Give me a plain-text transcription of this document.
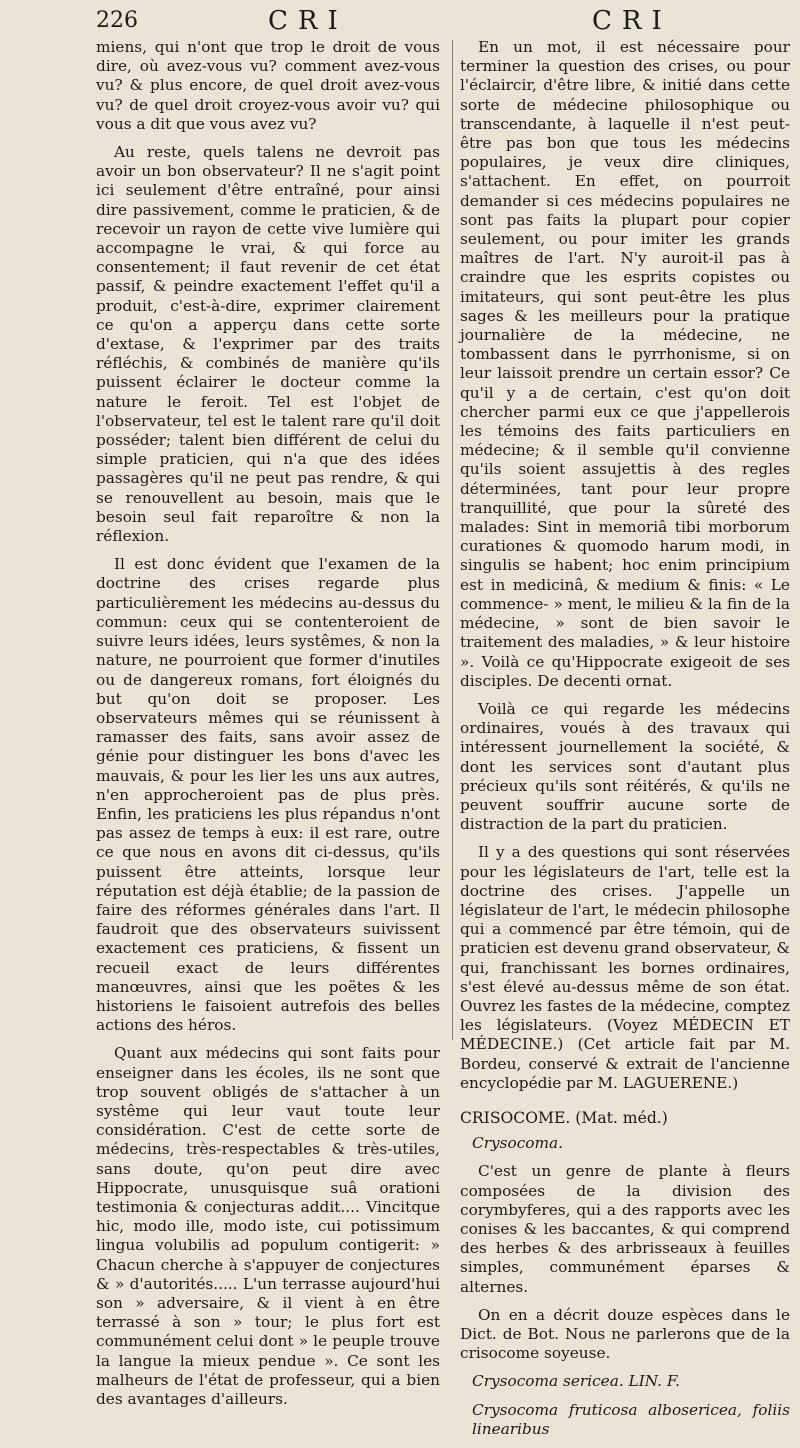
226	CRI	CRI

miens, qui n'ont que trop le droit de vous dire, où avez-vous vu? comment avez-vous vu? & plus encore, de quel droit avez-vous vu? de quel droit croyez-vous avoir vu? qui vous a dit que vous avez vu?

Au reste, quels talens ne devroit pas avoir un bon observateur? Il ne s'agit point ici seulement d'être entraîné, pour ainsi dire passivement, comme le praticien, & de recevoir un rayon de cette vive lumière qui accompagne le vrai, & qui force au consentement; il faut revenir de cet état passif, & peindre exactement l'effet qu'il a produit, c'est-à-dire, exprimer clairement ce qu'on a apperçu dans cette sorte d'extase, & l'exprimer par des traits réfléchis, & combinés de manière qu'ils puissent éclairer le docteur comme la nature le feroit. Tel est l'objet de l'observateur, tel est le talent rare qu'il doit posséder; talent bien différent de celui du simple praticien, qui n'a que des idées passagères qu'il ne peut pas rendre, & qui se renouvellent au besoin, mais que le besoin seul fait reparoître & non la réflexion.

Il est donc évident que l'examen de la doctrine des crises regarde plus particulièrement les médecins au-dessus du commun: ceux qui se contenteroient de suivre leurs idées, leurs systêmes, & non la nature, ne pourroient que former d'inutiles ou de dangereux romans, fort éloignés du but qu'on doit se proposer. Les observateurs mêmes qui se réunissent à ramasser des faits, sans avoir assez de génie pour distinguer les bons d'avec les mauvais, & pour les lier les uns aux autres, n'en approcheroient pas de plus près. Enfin, les praticiens les plus répandus n'ont pas assez de temps à eux: il est rare, outre ce que nous en avons dit ci-dessus, qu'ils puissent être atteints, lorsque leur réputation est déjà établie; de la passion de faire des réformes générales dans l'art. Il faudroit que des observateurs suivissent exactement ces praticiens, & fissent un recueil exact de leurs différentes manœuvres, ainsi que les poëtes & les historiens le faisoient autrefois des belles actions des héros.

Quant aux médecins qui sont faits pour enseigner dans les écoles, ils ne sont que trop souvent obligés de s'attacher à un systême qui leur vaut toute leur considération. C'est de cette sorte de médecins, très-respectables & très-utiles, sans doute, qu'on peut dire avec Hippocrate, unusquisque suâ orationi testimonia & conjecturas addit.... Vincitque hic, modo ille, modo iste, cui potissimum lingua volubilis ad populum contigerit: » Chacun cherche à s'appuyer de conjectures & » d'autorités..... L'un terrasse aujourd'hui son » adversaire, & il vient à en être terrassé à son » tour; le plus fort est communément celui dont » le peuple trouve la langue la mieux pendue ». Ce sont les malheurs de l'état de professeur, qui a bien des avantages d'ailleurs.

En un mot, il est nécessaire pour terminer la question des crises, ou pour l'éclaircir, d'être libre, & initié dans cette sorte de médecine philosophique ou transcendante, à laquelle il n'est peut-être pas bon que tous les médecins populaires, je veux dire cliniques, s'attachent. En effet, on pourroit demander si ces médecins populaires ne sont pas faits la plupart pour copier seulement, ou pour imiter les grands maîtres de l'art. N'y auroit-il pas à craindre que les esprits copistes ou imitateurs, qui sont peut-être les plus sages & les meilleurs pour la pratique journalière de la médecine, ne tombassent dans le pyrrhonisme, si on leur laissoit prendre un certain essor? Ce qu'il y a de certain, c'est qu'on doit chercher parmi eux ce que j'appellerois les témoins des faits particuliers en médecine; & il semble qu'il convienne qu'ils soient assujettis à des regles déterminées, tant pour leur propre tranquillité, que pour la sûreté des malades: Sint in memoriâ tibi morborum curationes & quomodo harum modi, in singulis se habent; hoc enim principium est in medicinâ, & medium & finis: « Le commence- » ment, le milieu & la fin de la médecine, » sont de bien savoir le traitement des maladies, » & leur histoire ». Voilà ce qu'Hippocrate exigeoit de ses disciples. De decenti ornat.

Voilà ce qui regarde les médecins ordinaires, voués à des travaux qui intéressent journellement la société, & dont les services sont d'autant plus précieux qu'ils sont réitérés, & qu'ils ne peuvent souffrir aucune sorte de distraction de la part du praticien.

Il y a des questions qui sont réservées pour les législateurs de l'art, telle est la doctrine des crises. J'appelle un législateur de l'art, le médecin philosophe qui a commencé par être témoin, qui de praticien est devenu grand observateur, & qui, franchissant les bornes ordinaires, s'est élevé au-dessus même de son état. Ouvrez les fastes de la médecine, comptez les législateurs. (Voyez MÉDECIN ET MÉDECINE.) (Cet article fait par M. Bordeu, conservé & extrait de l'ancienne encyclopédie par M. LAGUERENE.)

CRISOCOME. (Mat. méd.)

Crysocoma.

C'est un genre de plante à fleurs composées de la division des corymbyferes, qui a des rapports avec les conises & les baccantes, & qui comprend des herbes & des arbrisseaux à feuilles simples, communément éparses & alternes.

On en a décrit douze espèces dans le Dict. de Bot. Nous ne parlerons que de la crisocome soyeuse.

Crysocoma sericea. LIN. F.

Crysocoma fruticosa albosericea, foliis linearibus
